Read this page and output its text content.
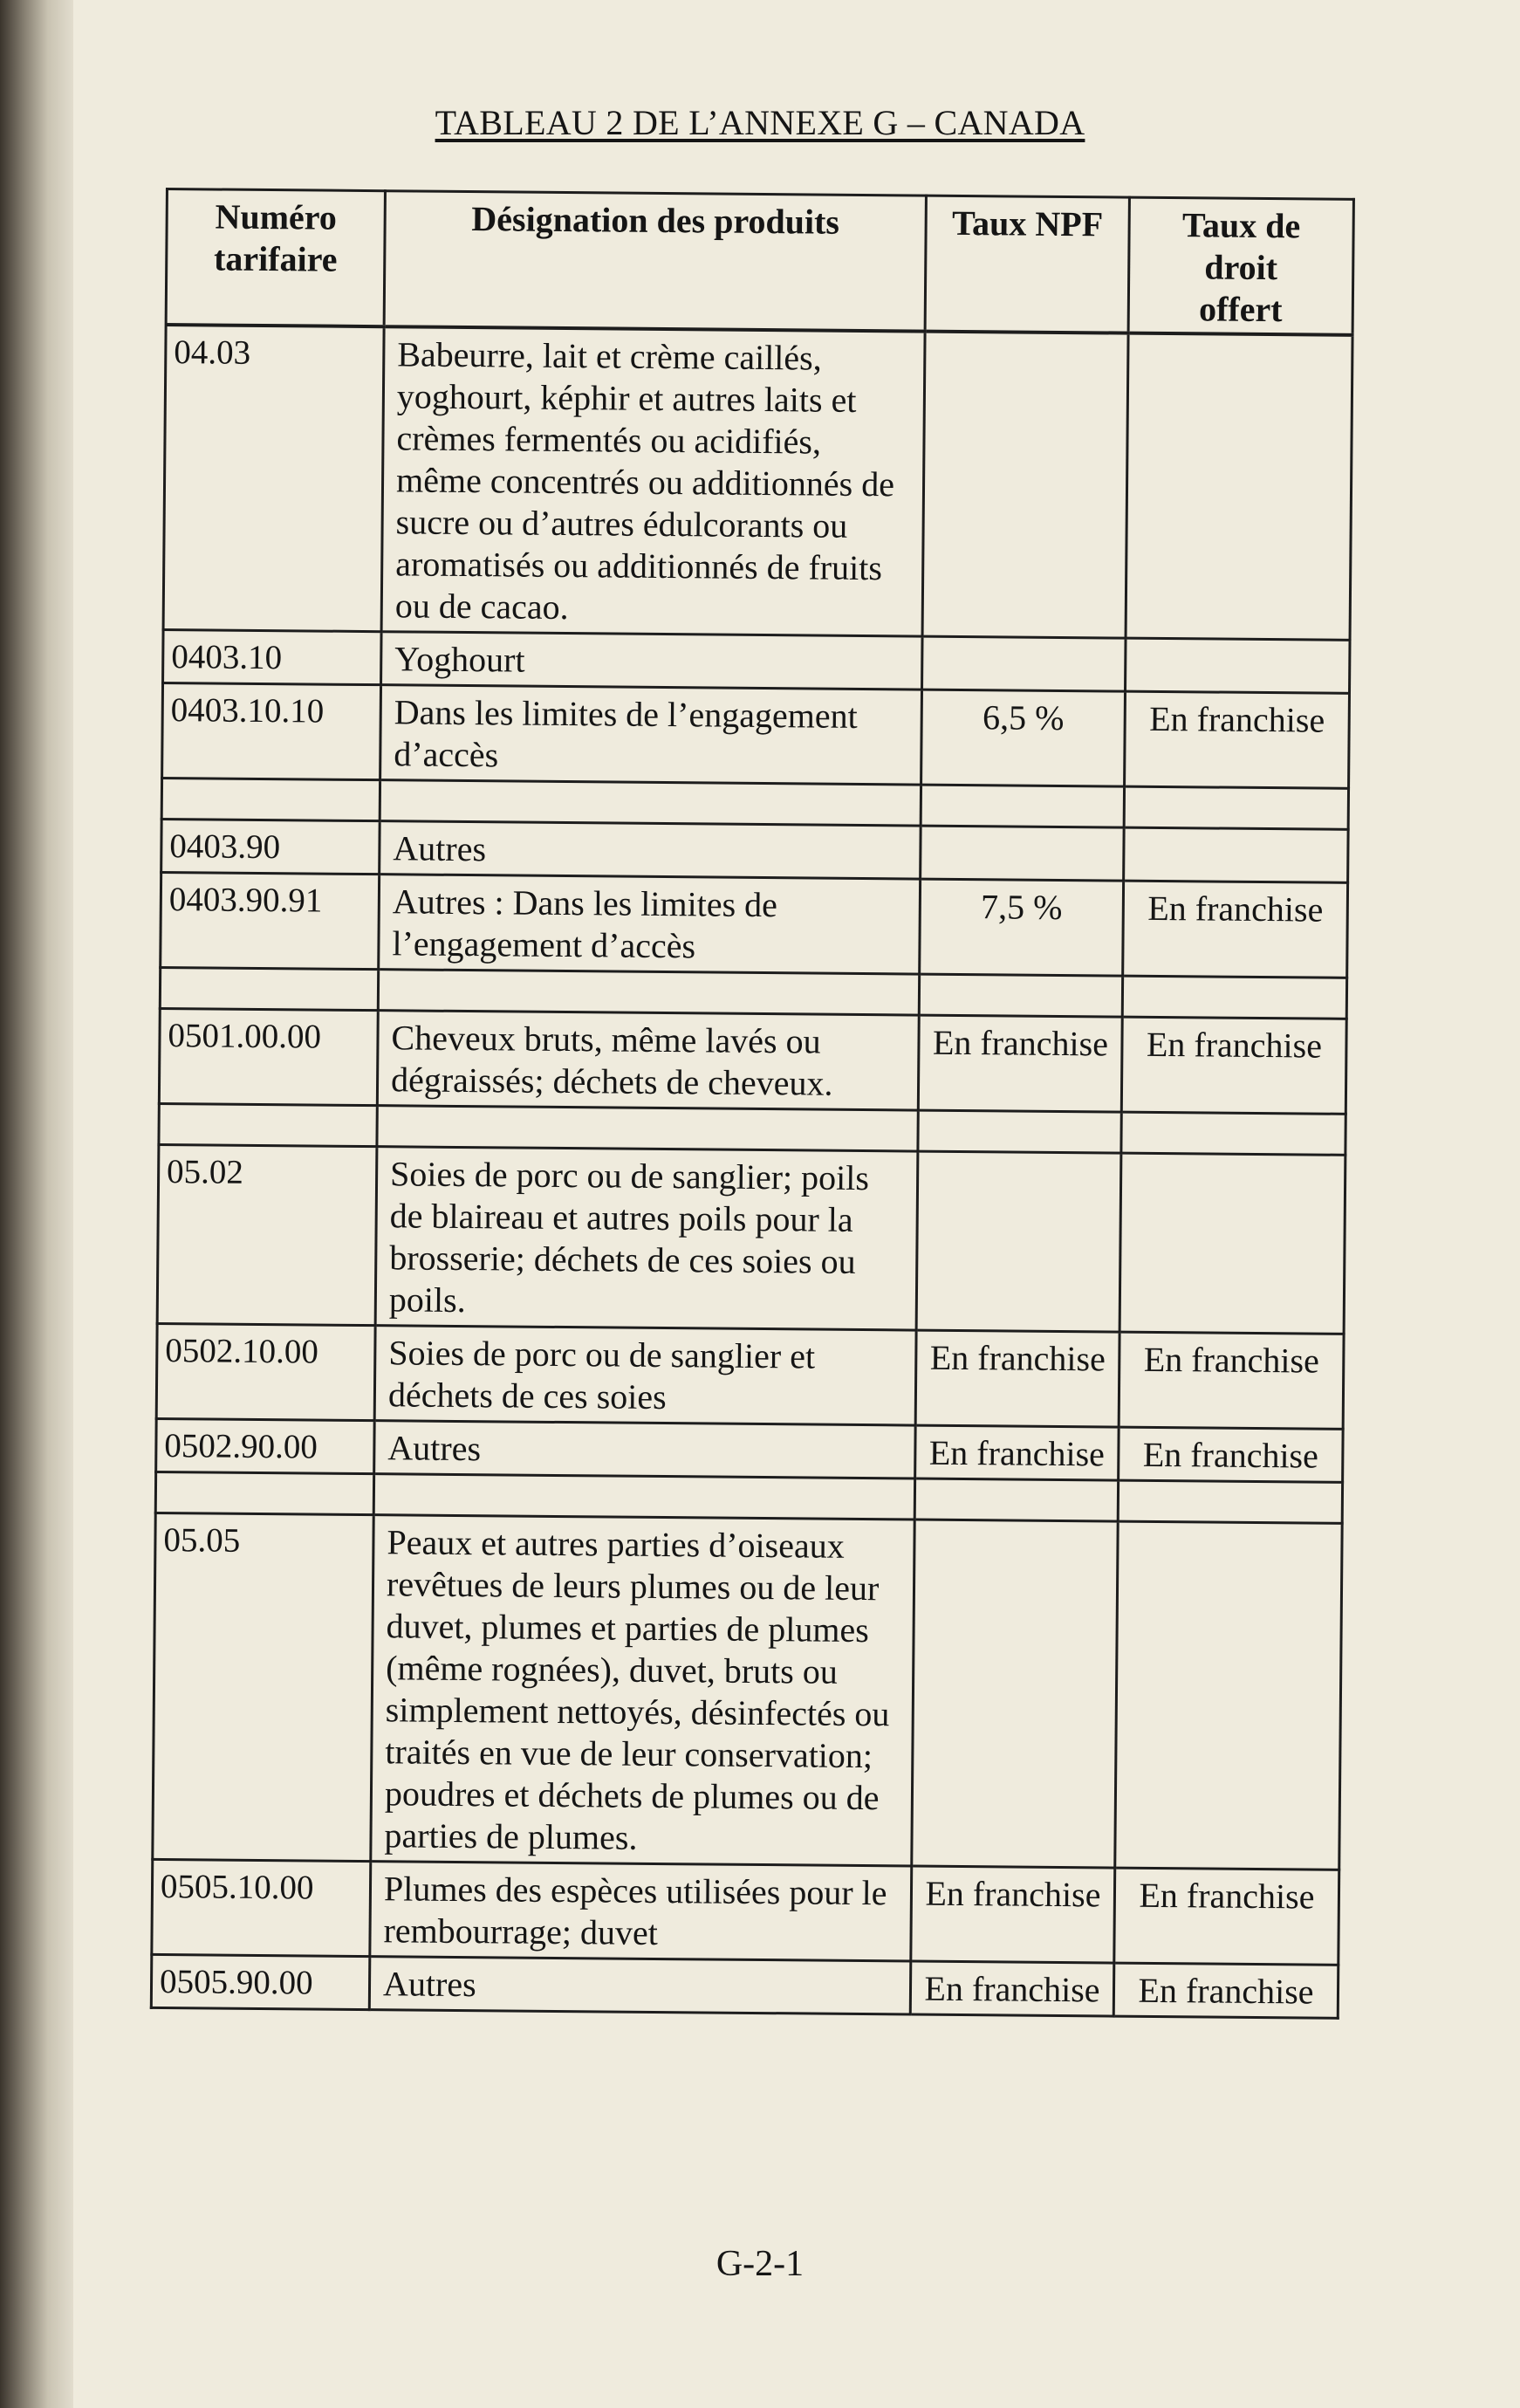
TABLEAU 2 DE L’ANNEXE G – CANADA
Numéro tarifaire	Désignation des produits	Taux NPF	Taux de droit offert
04.03	Babeurre, lait et crème caillés, yoghourt, képhir et autres laits et crèmes fermentés ou acidifiés, même concentrés ou additionnés de sucre ou d’autres édulcorants ou aromatisés ou additionnés de fruits ou de cacao.		
0403.10	Yoghourt		
0403.10.10	Dans les limites de l’engagement d’accès	6,5 %	En franchise

0403.90	Autres		
0403.90.91	Autres : Dans les limites de l’engagement d’accès	7,5 %	En franchise

0501.00.00	Cheveux bruts, même lavés ou dégraissés; déchets de cheveux.	En franchise	En franchise

05.02	Soies de porc ou de sanglier; poils de blaireau et autres poils pour la brosserie; déchets de ces soies ou poils.		
0502.10.00	Soies de porc ou de sanglier et déchets de ces soies	En franchise	En franchise
0502.90.00	Autres	En franchise	En franchise

05.05	Peaux et autres parties d’oiseaux revêtues de leurs plumes ou de leur duvet, plumes et parties de plumes (même rognées), duvet, bruts ou simplement nettoyés, désinfectés ou traités en vue de leur conservation; poudres et déchets de plumes ou de parties de plumes.		
0505.10.00	Plumes des espèces utilisées pour le rembourrage; duvet	En franchise	En franchise
0505.90.00	Autres	En franchise	En franchise
G-2-1
